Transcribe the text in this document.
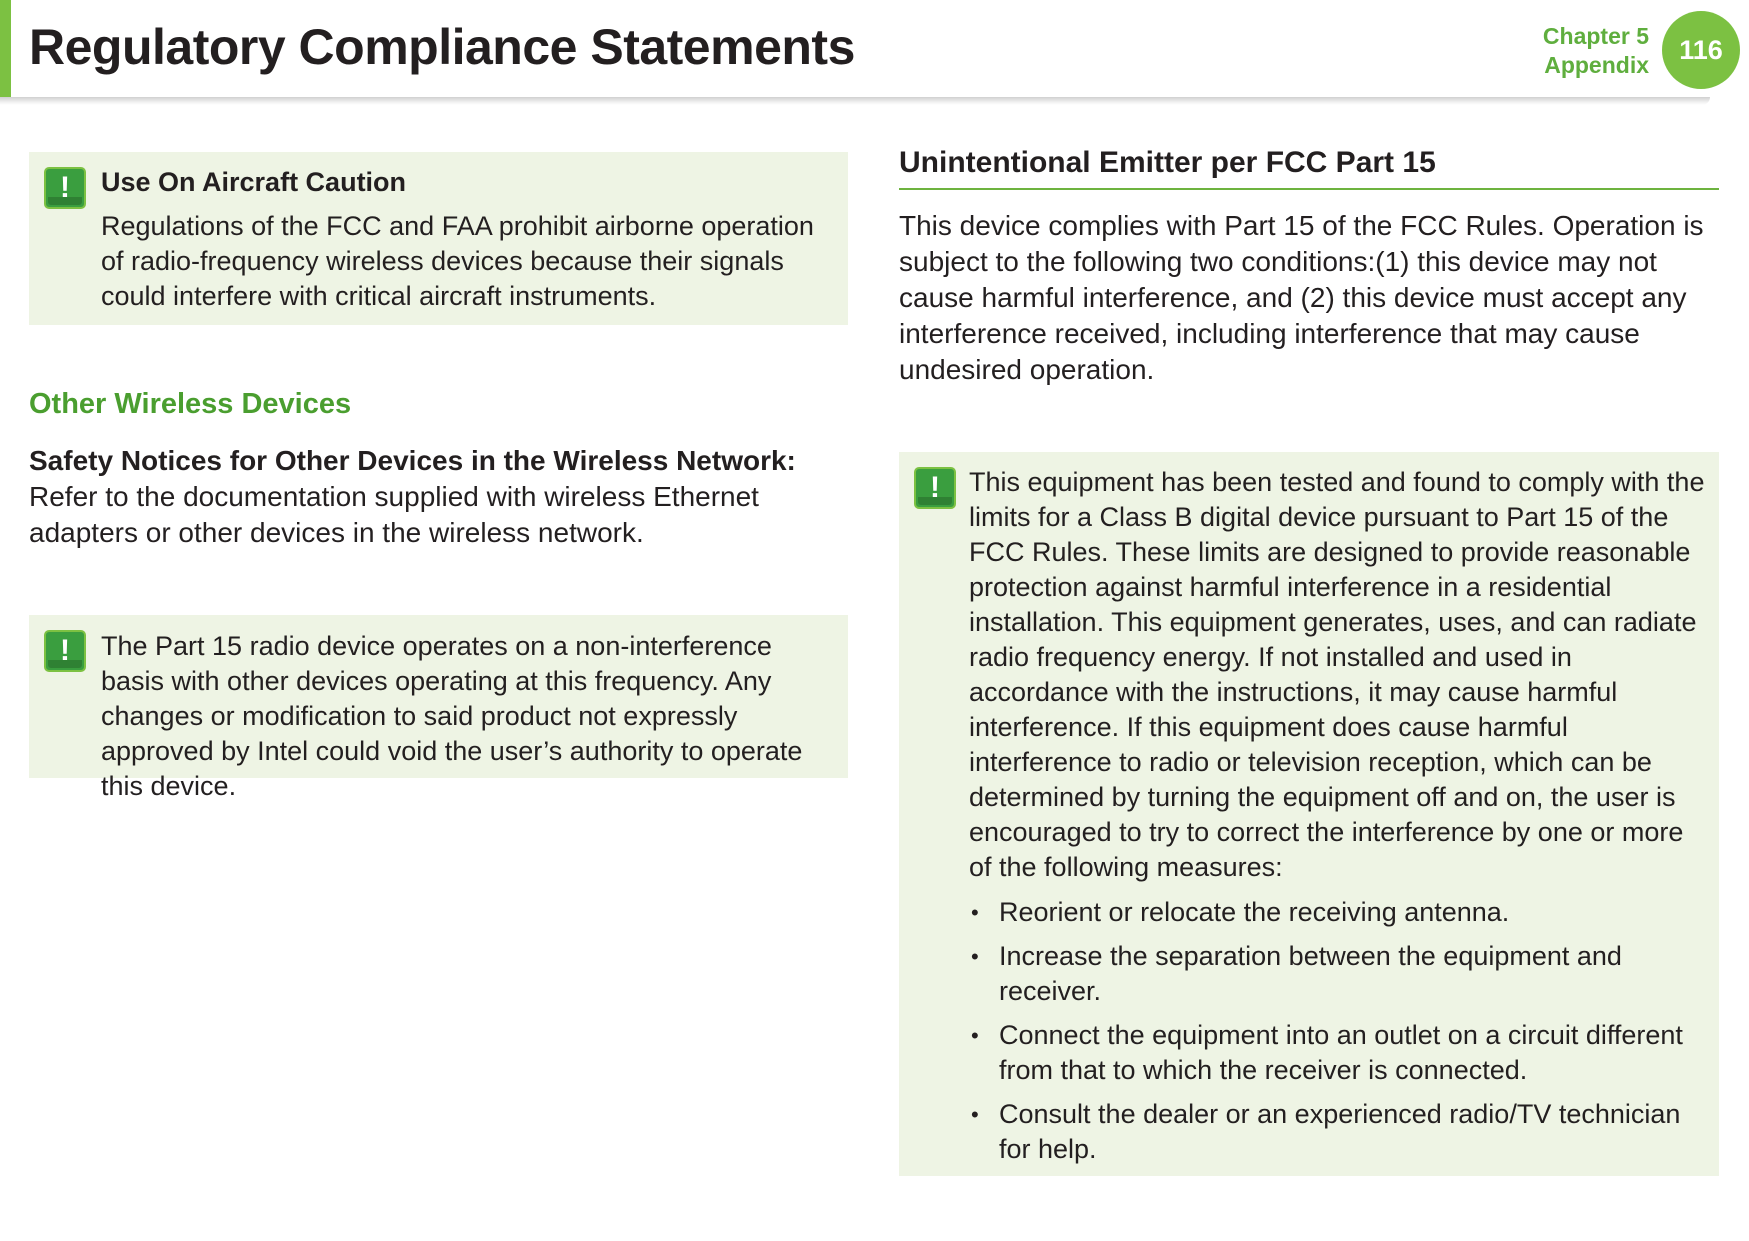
Regulatory Compliance Statements	Chapter 5
Appendix
116
! Use On Aircraft Caution
Regulations of the FCC and FAA prohibit airborne operation of radio-frequency wireless devices because their signals could interfere with critical aircraft instruments.
Other Wireless Devices

Safety Notices for Other Devices in the Wireless Network: Refer to the documentation supplied with wireless Ethernet adapters or other devices in the wireless network.

! The Part 15 radio device operates on a non-interference basis with other devices operating at this frequency. Any changes or modification to said product not expressly approved by Intel could void the user’s authority to operate this device.
Unintentional Emitter per FCC Part 15

This device complies with Part 15 of the FCC Rules. Operation is subject to the following two conditions:(1) this device may not cause harmful interference, and (2) this device must accept any interference received, including interference that may cause undesired operation.

! This equipment has been tested and found to comply with the limits for a Class B digital device pursuant to Part 15 of the FCC Rules. These limits are designed to provide reasonable protection against harmful interference in a residential installation. This equipment generates, uses, and can radiate radio frequency energy. If not installed and used in accordance with the instructions, it may cause harmful interference. If this equipment does cause harmful interference to radio or television reception, which can be determined by turning the equipment off and on, the user is encouraged to try to correct the interference by one or more of the following measures:
• Reorient or relocate the receiving antenna.
• Increase the separation between the equipment and receiver.
• Connect the equipment into an outlet on a circuit different from that to which the receiver is connected.
• Consult the dealer or an experienced radio/TV technician for help.
